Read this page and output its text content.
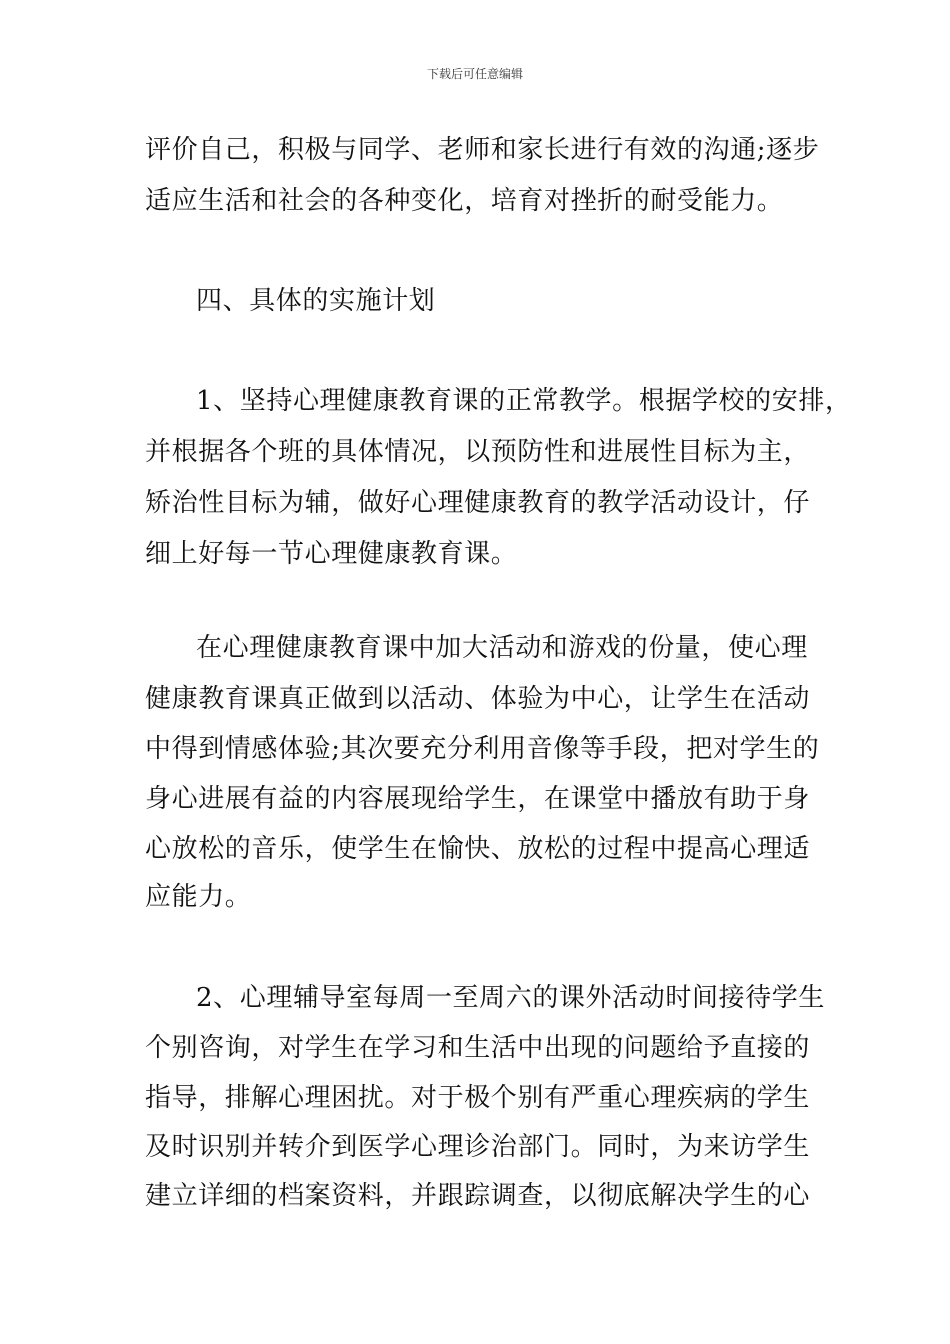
下载后可任意编辑
评价自己，积极与同学、老师和家长进行有效的沟通;逐步
适应生活和社会的各种变化，培育对挫折的耐受能力。
四、具体的实施计划
1、坚持心理健康教育课的正常教学。根据学校的安排，
并根据各个班的具体情况，以预防性和进展性目标为主，
矫治性目标为辅，做好心理健康教育的教学活动设计，仔
细上好每一节心理健康教育课。
在心理健康教育课中加大活动和游戏的份量，使心理
健康教育课真正做到以活动、体验为中心，让学生在活动
中得到情感体验;其次要充分利用音像等手段，把对学生的
身心进展有益的内容展现给学生，在课堂中播放有助于身
心放松的音乐，使学生在愉快、放松的过程中提高心理适
应能力。
2、心理辅导室每周一至周六的课外活动时间接待学生
个别咨询，对学生在学习和生活中出现的问题给予直接的
指导，排解心理困扰。对于极个别有严重心理疾病的学生
及时识别并转介到医学心理诊治部门。同时，为来访学生
建立详细的档案资料，并跟踪调查，以彻底解决学生的心
